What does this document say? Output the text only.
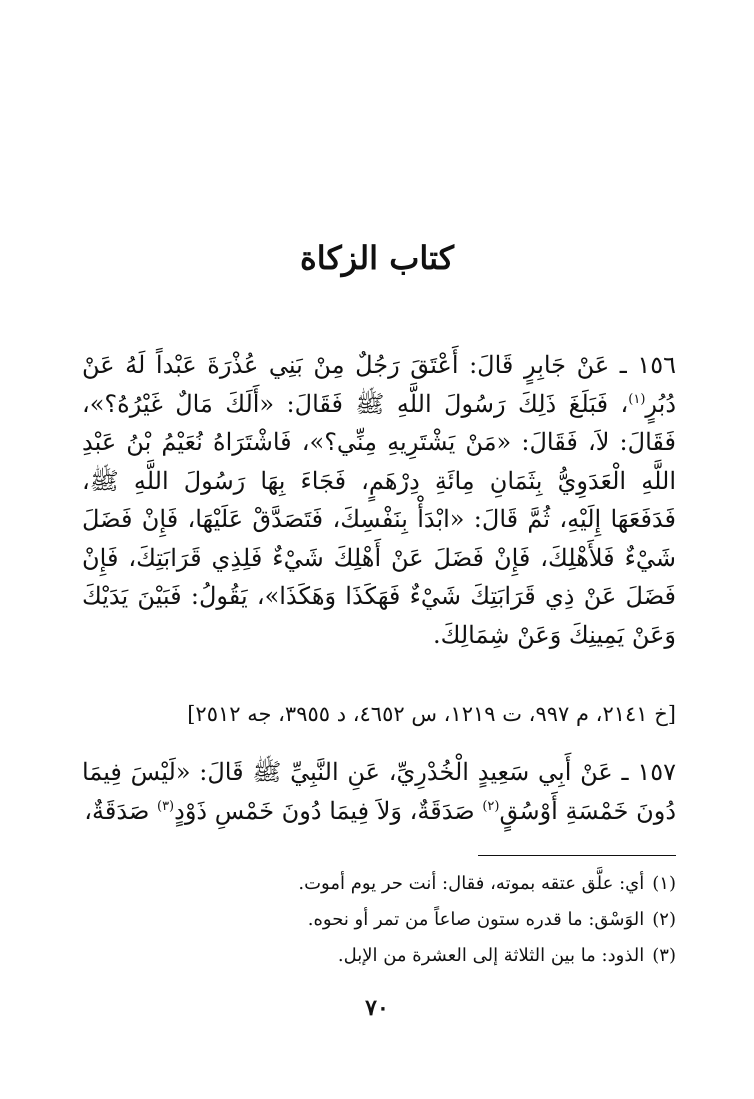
كتاب الزكاة
١٥٦ ـ عَنْ جَابِرٍ قَالَ: أَعْتَقَ رَجُلٌ مِنْ بَنِي عُذْرَةَ عَبْداً لَهُ عَنْ دُبُرٍ$^{(١)}$، فَبَلَغَ ذَلِكَ رَسُولَ اللَّهِ ﷺ فَقَالَ: «أَلَكَ مَالٌ غَيْرُهُ؟»، فَقَالَ: لاَ، فَقَالَ: «مَنْ يَشْتَرِيهِ مِنِّي؟»، فَاشْتَرَاهُ نُعَيْمُ بْنُ عَبْدِ اللَّهِ الْعَدَوِيُّ بِثَمَانِ مِائَةِ دِرْهَمٍ، فَجَاءَ بِهَا رَسُولَ اللَّهِ ﷺ، فَدَفَعَهَا إِلَيْهِ، ثُمَّ قَالَ: «ابْدَأْ بِنَفْسِكَ، فَتَصَدَّقْ عَلَيْهَا، فَإِنْ فَضَلَ شَيْءٌ فَلأَهْلِكَ، فَإِنْ فَضَلَ عَنْ أَهْلِكَ شَيْءٌ فَلِذِي قَرَابَتِكَ، فَإِنْ فَضَلَ عَنْ ذِي قَرَابَتِكَ شَيْءٌ فَهَكَذَا وَهَكَذَا»، يَقُولُ: فَبَيْنَ يَدَيْكَ وَعَنْ يَمِينِكَ وَعَنْ شِمَالِكَ.
[خ ٢١٤١، م ٩٩٧، ت ١٢١٩، س ٤٦٥٢، د ٣٩٥٥، جه ٢٥١٢]
١٥٧ ـ عَنْ أَبِي سَعِيدٍ الْخُدْرِيِّ، عَنِ النَّبِيِّ ﷺ قَالَ: «لَيْسَ فِيمَا دُونَ خَمْسَةِ أَوْسُقٍ$^{(٢)}$ صَدَقَةٌ، وَلاَ فِيمَا دُونَ خَمْسِ ذَوْدٍ$^{(٣)}$ صَدَقَةٌ،
(١)أي: علَّق عتقه بموته، فقال: أنت حر يوم أموت.
(٢)الوَسْق: ما قدره ستون صاعاً من تمر أو نحوه.
(٣)الذود: ما بين الثلاثة إلى العشرة من الإبل.
٧٠
